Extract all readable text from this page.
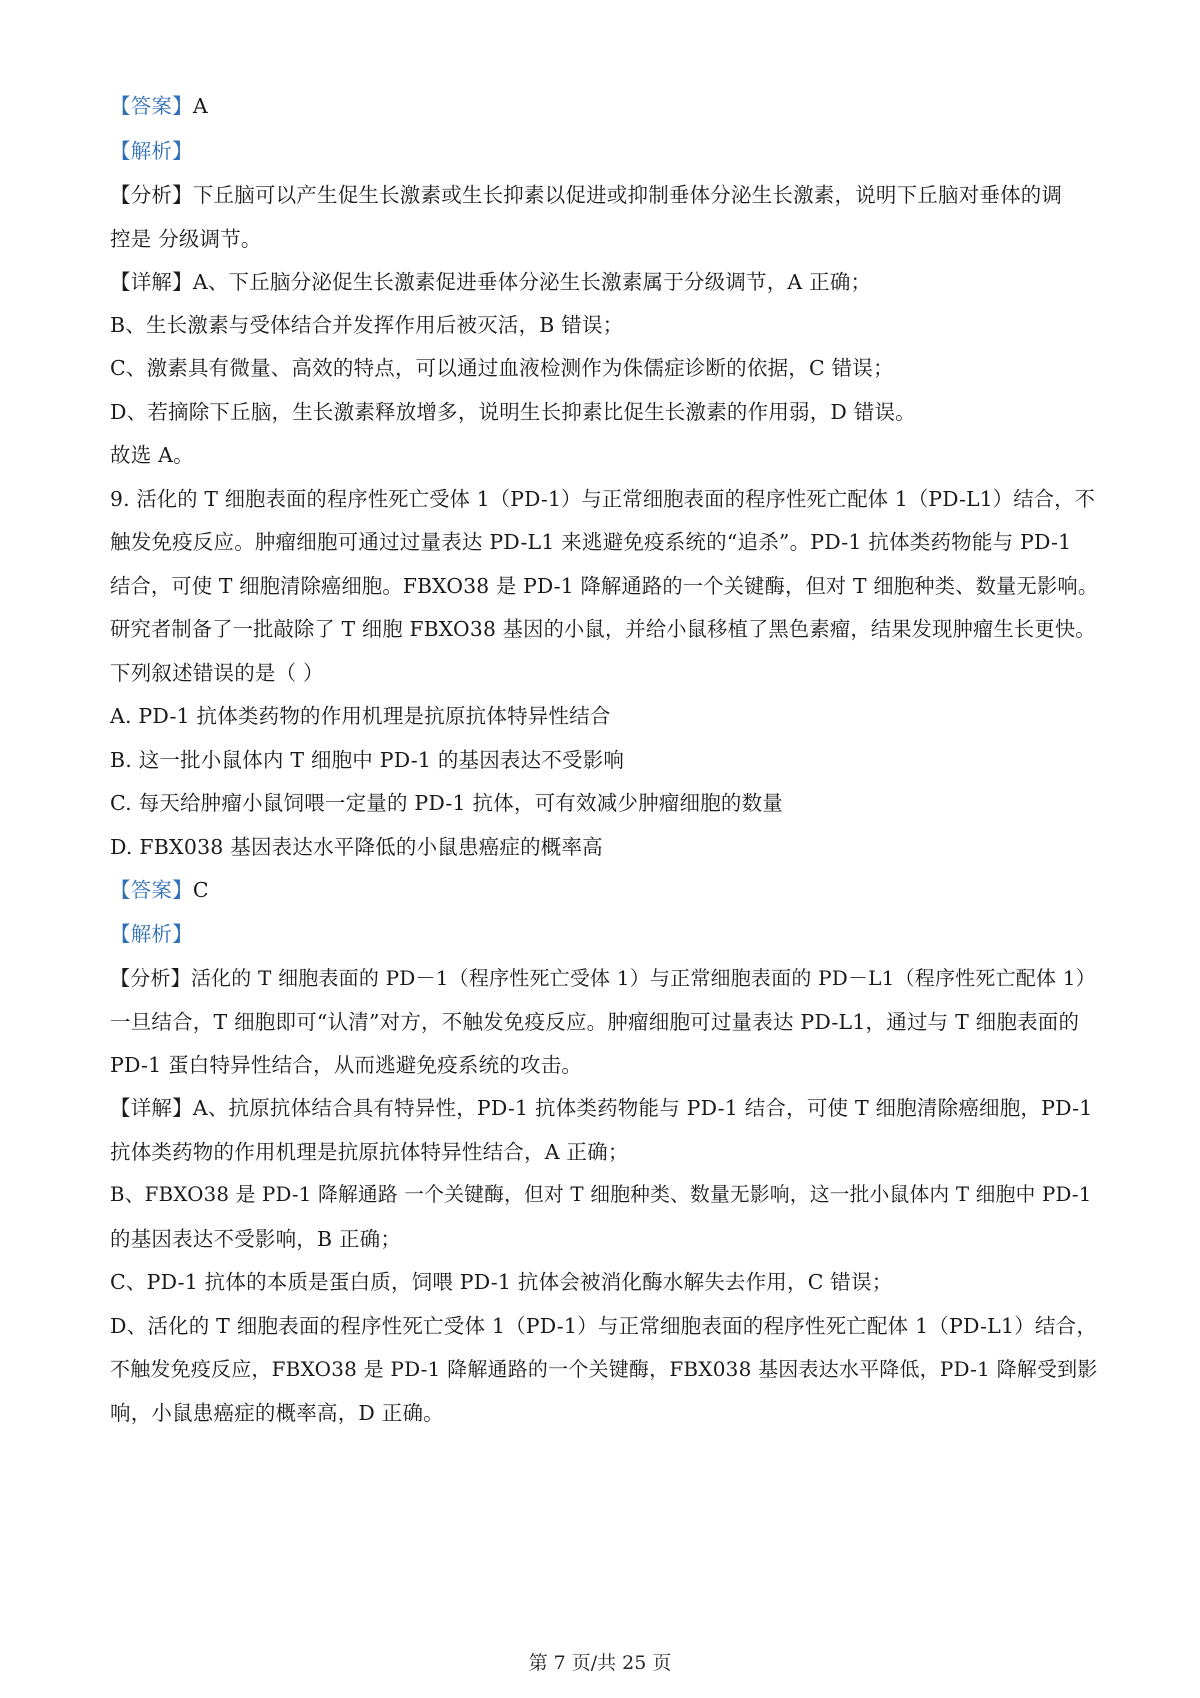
【答案】A
【解析】
【分析】下丘脑可以产生促生长激素或生长抑素以促进或抑制垂体分泌生长激素，说明下丘脑对垂体的调
控是 分级调节。
【详解】A、下丘脑分泌促生长激素促进垂体分泌生长激素属于分级调节，A 正确；
B、生长激素与受体结合并发挥作用后被灭活，B 错误；
C、激素具有微量、高效的特点，可以通过血液检测作为侏儒症诊断的依据，C 错误；
D、若摘除下丘脑，生长激素释放增多，说明生长抑素比促生长激素的作用弱，D 错误。
故选 A。
9. 活化的 T 细胞表面的程序性死亡受体 1（PD-1）与正常细胞表面的程序性死亡配体 1（PD-L1）结合，不
触发免疫反应。肿瘤细胞可通过过量表达 PD-L1 来逃避免疫系统的“追杀”。PD-1 抗体类药物能与 PD-1
结合，可使 T 细胞清除癌细胞。FBXO38 是 PD-1 降解通路的一个关键酶，但对 T 细胞种类、数量无影响。
研究者制备了一批敲除了 T 细胞 FBXO38 基因的小鼠，并给小鼠移植了黑色素瘤，结果发现肿瘤生长更快。
下列叙述错误的是（ ）
A. PD-1 抗体类药物的作用机理是抗原抗体特异性结合
B. 这一批小鼠体内 T 细胞中 PD-1 的基因表达不受影响
C. 每天给肿瘤小鼠饲喂一定量的 PD-1 抗体，可有效减少肿瘤细胞的数量
D. FBX038 基因表达水平降低的小鼠患癌症的概率高
【答案】C
【解析】
【分析】活化的 T 细胞表面的 PD－1（程序性死亡受体 1）与正常细胞表面的 PD－L1（程序性死亡配体 1）
一旦结合，T 细胞即可“认清”对方，不触发免疫反应。肿瘤细胞可过量表达 PD-L1，通过与 T 细胞表面的
PD-1 蛋白特异性结合，从而逃避免疫系统的攻击。
【详解】A、抗原抗体结合具有特异性，PD-1 抗体类药物能与 PD-1 结合，可使 T 细胞清除癌细胞，PD-1
抗体类药物的作用机理是抗原抗体特异性结合，A 正确；
B、FBXO38 是 PD-1 降解通路 一个关键酶，但对 T 细胞种类、数量无影响，这一批小鼠体内 T 细胞中 PD-1
的基因表达不受影响，B 正确；
C、PD-1 抗体的本质是蛋白质，饲喂 PD-1 抗体会被消化酶水解失去作用，C 错误；
D、活化的 T 细胞表面的程序性死亡受体 1（PD-1）与正常细胞表面的程序性死亡配体 1（PD-L1）结合，
不触发免疫反应，FBXO38 是 PD-1 降解通路的一个关键酶，FBX038 基因表达水平降低，PD-1 降解受到影
响，小鼠患癌症的概率高，D 正确。
第 7 页/共 25 页
